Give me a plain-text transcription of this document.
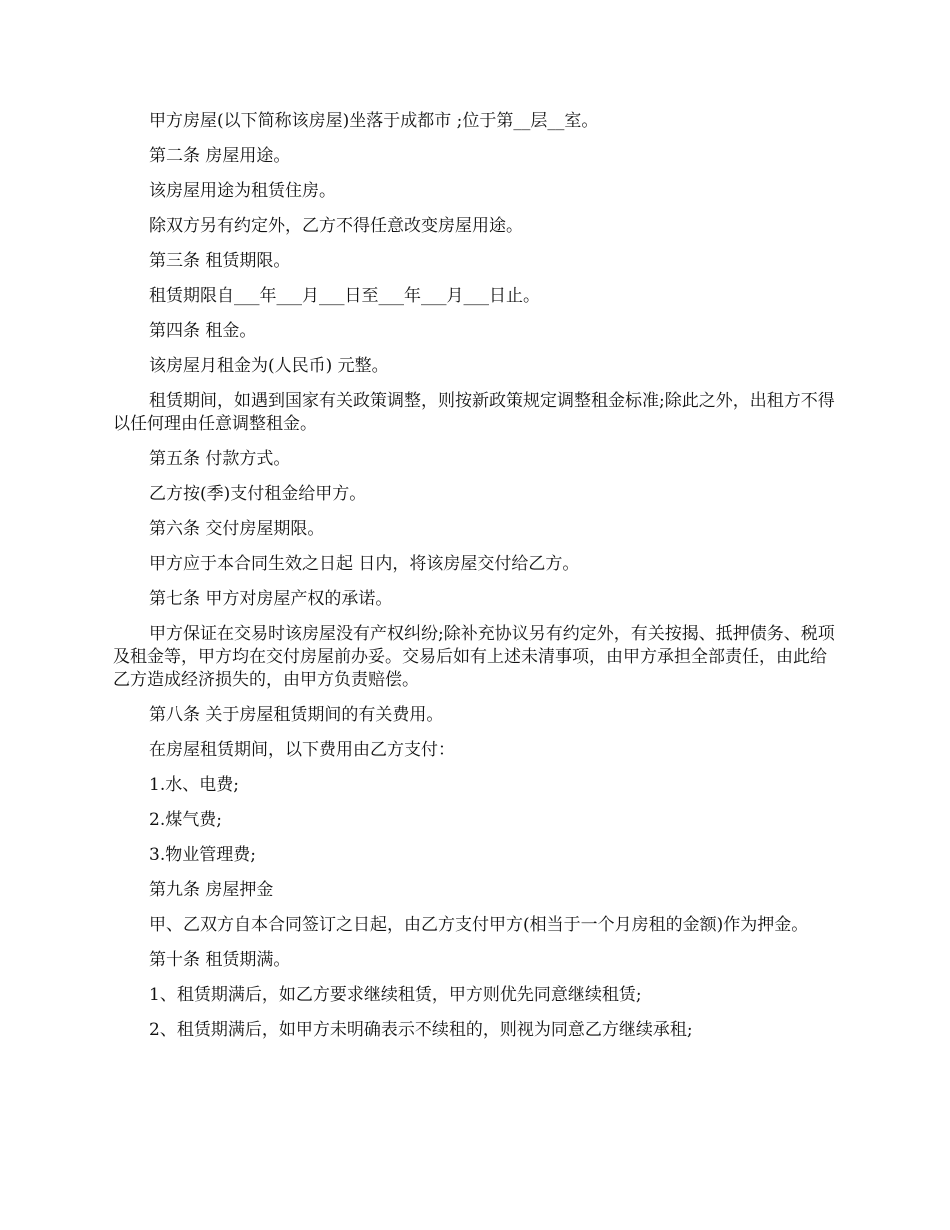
甲方房屋(以下简称该房屋)坐落于成都市 ;位于第__层__室。

第二条 房屋用途。

该房屋用途为租赁住房。

除双方另有约定外，乙方不得任意改变房屋用途。

第三条 租赁期限。

租赁期限自___年___月___日至___年___月___日止。

第四条 租金。

该房屋月租金为(人民币) 元整。

租赁期间，如遇到国家有关政策调整，则按新政策规定调整租金标准;除此之外，出租方不得以任何理由任意调整租金。

第五条 付款方式。

乙方按(季)支付租金给甲方。

第六条 交付房屋期限。

甲方应于本合同生效之日起 日内，将该房屋交付给乙方。

第七条 甲方对房屋产权的承诺。

甲方保证在交易时该房屋没有产权纠纷;除补充协议另有约定外，有关按揭、抵押债务、税项及租金等，甲方均在交付房屋前办妥。交易后如有上述未清事项，由甲方承担全部责任，由此给乙方造成经济损失的，由甲方负责赔偿。

第八条 关于房屋租赁期间的有关费用。

在房屋租赁期间，以下费用由乙方支付：

1.水、电费;

2.煤气费;

3.物业管理费;

第九条 房屋押金

甲、乙双方自本合同签订之日起，由乙方支付甲方(相当于一个月房租的金额)作为押金。

第十条 租赁期满。

1、租赁期满后，如乙方要求继续租赁，甲方则优先同意继续租赁;

2、租赁期满后，如甲方未明确表示不续租的，则视为同意乙方继续承租;
